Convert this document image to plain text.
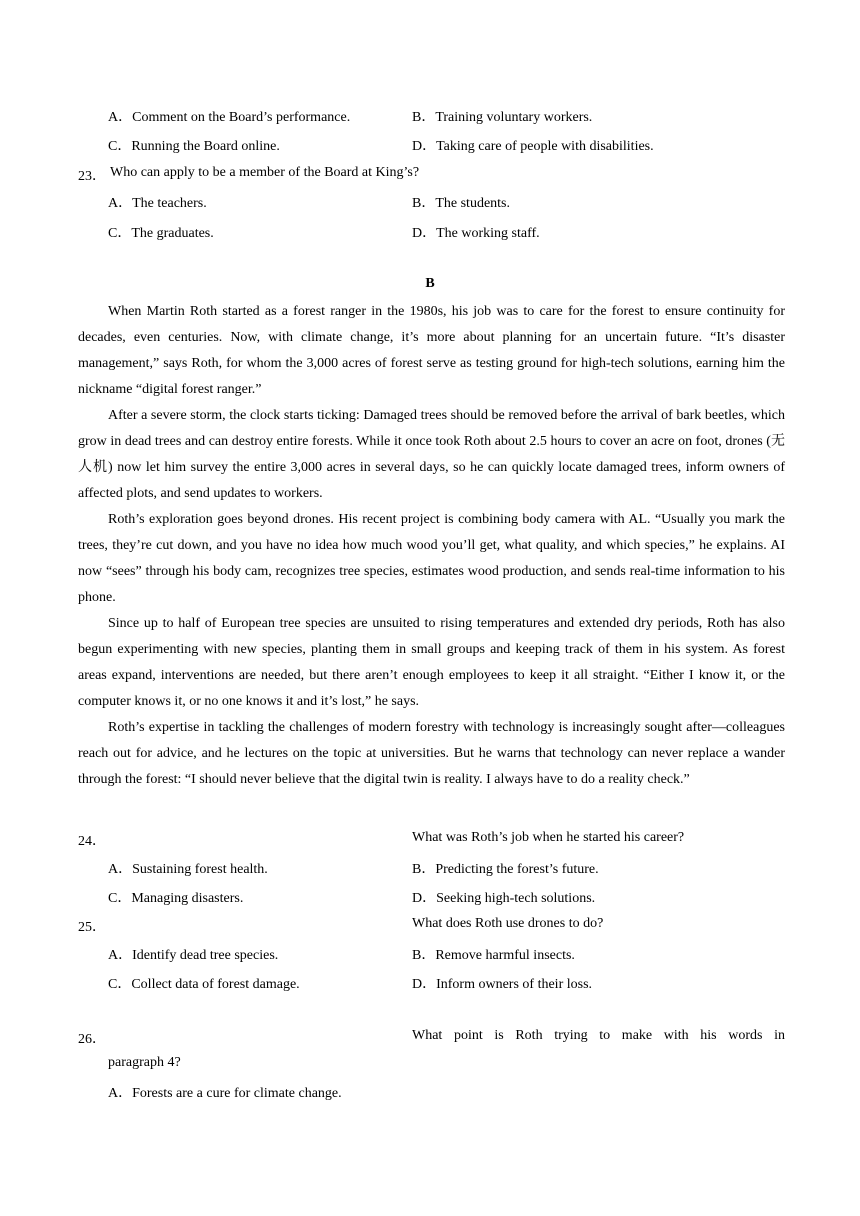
A．Comment on the Board’s performance.	B．Training voluntary workers.
C．Running the Board online.	D．Taking care of people with disabilities.
23． Who can apply to be a member of the Board at King’s?
A．The teachers.	B．The students.
C．The graduates.	D．The working staff.
B

When Martin Roth started as a forest ranger in the 1980s, his job was to care for the forest to ensure continuity for decades, even centuries. Now, with climate change, it’s more about planning for an uncertain future. “It’s disaster management,” says Roth, for whom the 3,000 acres of forest serve as testing ground for high-tech solutions, earning him the nickname “digital forest ranger.”

After a severe storm, the clock starts ticking: Damaged trees should be removed before the arrival of bark beetles, which grow in dead trees and can destroy entire forests. While it once took Roth about 2.5 hours to cover an acre on foot, drones (无人机) now let him survey the entire 3,000 acres in several days, so he can quickly locate damaged trees, inform owners of affected plots, and send updates to workers.

Roth’s exploration goes beyond drones. His recent project is combining body camera with AL. “Usually you mark the trees, they’re cut down, and you have no idea how much wood you’ll get, what quality, and which species,” he explains. AI now “sees” through his body cam, recognizes tree species, estimates wood production, and sends real-time information to his phone.

Since up to half of European tree species are unsuited to rising temperatures and extended dry periods, Roth has also begun experimenting with new species, planting them in small groups and keeping track of them in his system. As forest areas expand, interventions are needed, but there aren’t enough employees to keep it all straight. “Either I know it, or the computer knows it, or no one knows it and it’s lost,” he says.

Roth’s expertise in tackling the challenges of modern forestry with technology is increasingly sought after—colleagues reach out for advice, and he lectures on the topic at universities. But he warns that technology can never replace a wander through the forest: “I should never believe that the digital twin is reality. I always have to do a reality check.”

24．	What was Roth’s job when he started his career?
A．Sustaining forest health.	B．Predicting the forest’s future.
C．Managing disasters.	D．Seeking high-tech solutions.
25．	What does Roth use drones to do?
A．Identify dead tree species.	B．Remove harmful insects.
C．Collect data of forest damage.	D．Inform owners of their loss.
26．	What point is Roth trying to make with his words in
paragraph 4?
A．Forests are a cure for climate change.
